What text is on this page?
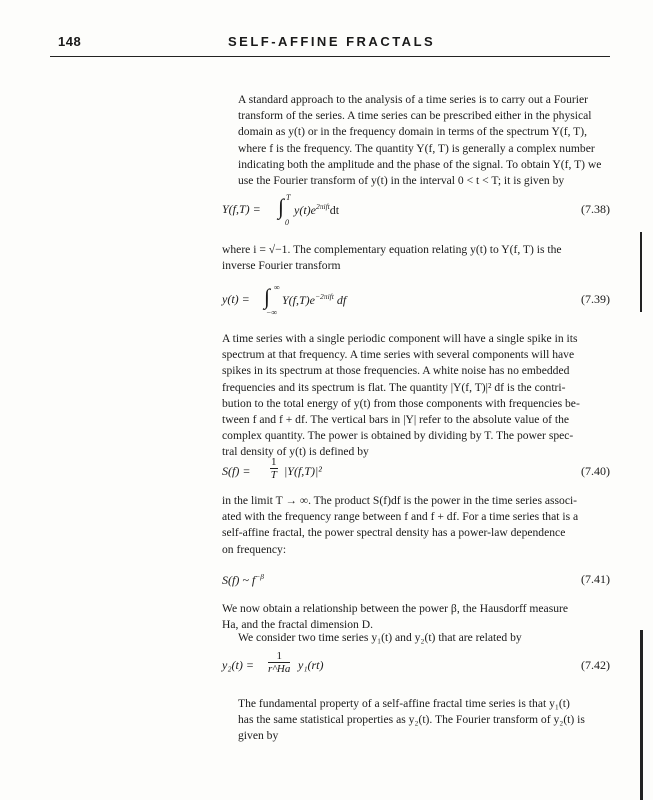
148	SELF-AFFINE FRACTALS
A standard approach to the analysis of a time series is to carry out a Fourier
transform of the series. A time series can be prescribed either in the physical
domain as y(t) or in the frequency domain in terms of the spectrum Y(f, T),
where f is the frequency. The quantity Y(f, T) is generally a complex number
indicating both the amplitude and the phase of the signal. To obtain Y(f, T) we
use the Fourier transform of y(t) in the interval 0 < t < T; it is given by
Y(f,T) = ∫ T
0
$y(t)e^{2\pi ift}dt$	(7.38)
where i = √−1. The complementary equation relating y(t) to Y(f, T) is the
inverse Fourier transform
y(t) = ∫ ∞
−∞
$Y(f,T)e^{-2\pi ift}$ df	(7.39)
A time series with a single periodic component will have a single spike in its
spectrum at that frequency. A time series with several components will have
spikes in its spectrum at those frequencies. A white noise has no embedded
frequencies and its spectrum is flat. The quantity |Y(f, T)|² df is the contri-
bution to the total energy of y(t) from those components with frequencies be-
tween f and f + df. The vertical bars in |Y| refer to the absolute value of the
complex quantity. The power is obtained by dividing by T. The power spec-
tral density of y(t) is defined by
$S(f) = \frac{1}{T} |Y(f,T)|^2$	(7.40)
in the limit T → ∞. The product S(f)df is the power in the time series associ-
ated with the frequency range between f and f + df. For a time series that is a
self-affine fractal, the power spectral density has a power-law dependence
on frequency:
S(f) ~ $f^{-\beta}$	(7.41)
We now obtain a relationship between the power β, the Hausdorff measure
Ha, and the fractal dimension D.
We consider two time series y₁(t) and y₂(t) that are related by
$y_2(t) = \frac{1}{r\^{}Ha} y_1(rt)$	(7.42)
The fundamental property of a self-affine fractal time series is that y₁(t)
has the same statistical properties as y₂(t). The Fourier transform of y₂(t) is
given by
